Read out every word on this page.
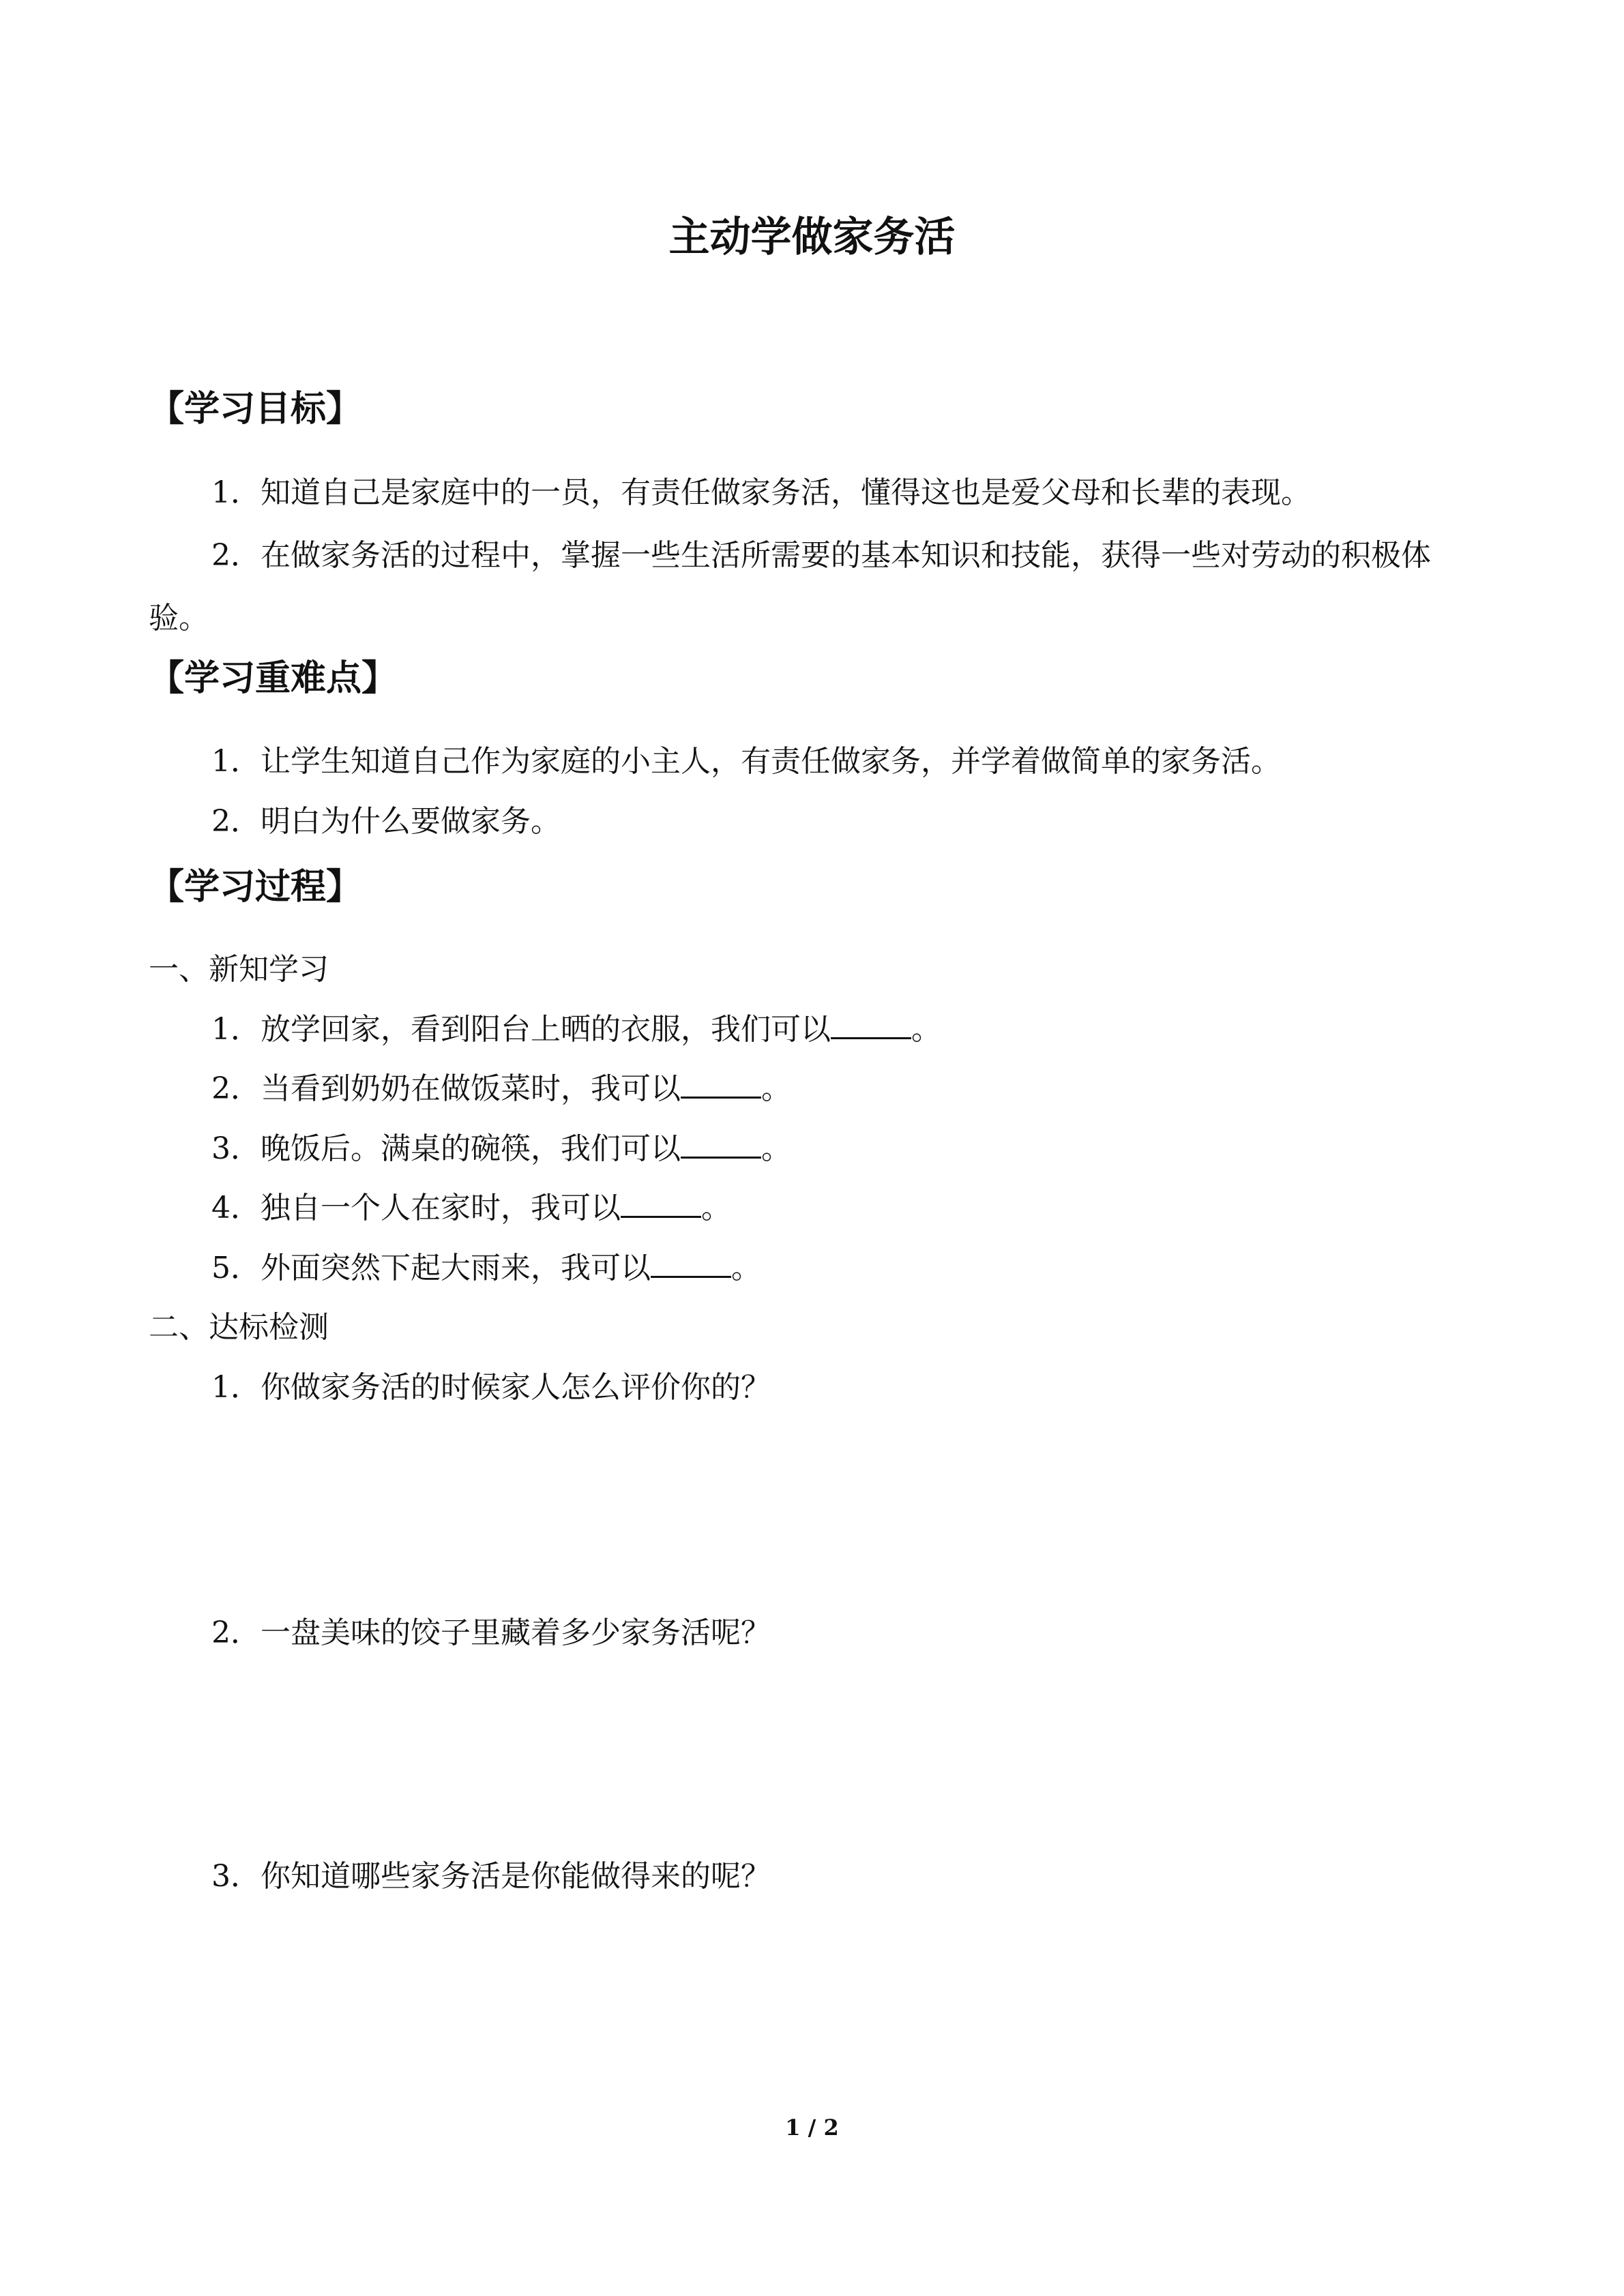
主动学做家务活
【学习目标】

1．知道自己是家庭中的一员，有责任做家务活，懂得这也是爱父母和长辈的表现。

2．在做家务活的过程中，掌握一些生活所需要的基本知识和技能，获得一些对劳动的积极体验。

【学习重难点】

1．让学生知道自己作为家庭的小主人，有责任做家务，并学着做简单的家务活。

2．明白为什么要做家务。

【学习过程】

一、新知学习

1．放学回家，看到阳台上晒的衣服，我们可以	。

2．当看到奶奶在做饭菜时，我可以	。

3．晚饭后。满桌的碗筷，我们可以	。

4．独自一个人在家时，我可以	。

5．外面突然下起大雨来，我可以	。

二、达标检测

1．你做家务活的时候家人怎么评价你的？

2．一盘美味的饺子里藏着多少家务活呢？

3．你知道哪些家务活是你能做得来的呢？

1 / 2
